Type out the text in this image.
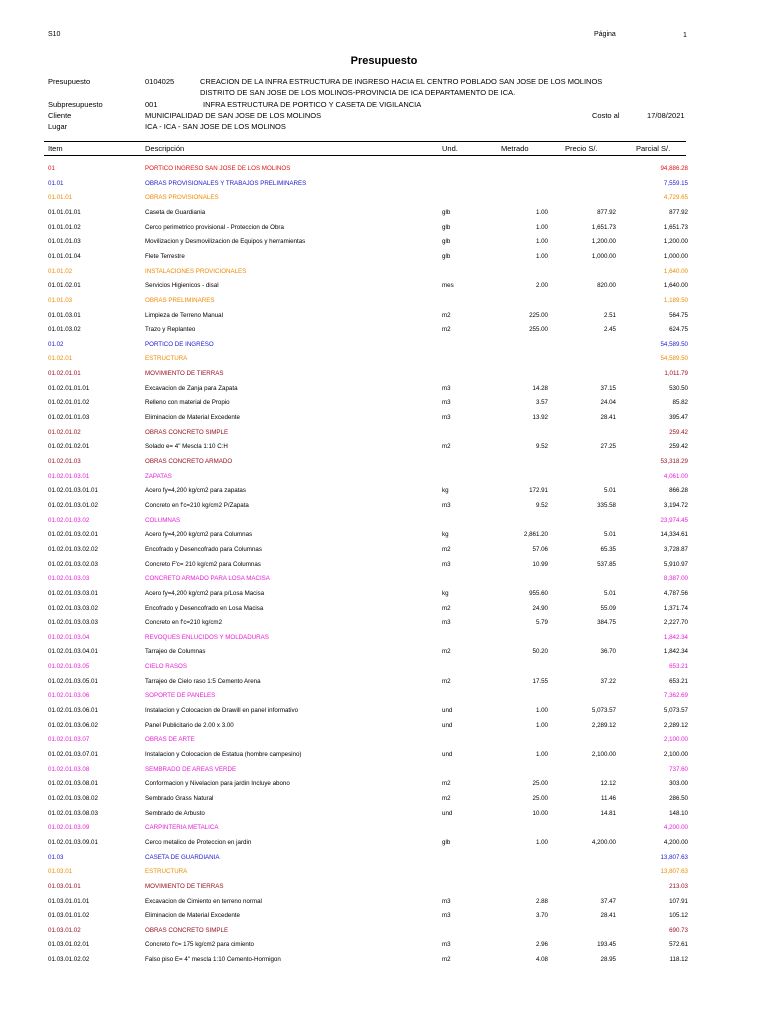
S10	Página	1
Presupuesto
Presupuesto	0104025	CREACION DE LA INFRA ESTRUCTURA DE INGRESO HACIA EL CENTRO POBLADO SAN JOSE DE LOS MOLINOS
DISTRITO DE SAN JOSE DE LOS MOLINOS-PROVINCIA DE ICA DEPARTAMENTO DE ICA.
Subpresupuesto	001	INFRA ESTRUCTURA DE PORTICO Y CASETA DE VIGILANCIA
Cliente	MUNICIPALIDAD DE SAN JOSE DE LOS MOLINOS	Costo al	17/08/2021
Lugar	ICA - ICA - SAN JOSE DE LOS MOLINOS
Item	Descripción	Und.	Metrado	Precio S/.	Parcial S/.
01	PORTICO INGRESO SAN JOSE DE LOS MOLINOS	94,886.28
01.01	OBRAS PROVISIONALES Y TRABAJOS PRELIMINARES	7,559.15
01.01.01	OBRAS PROVISIONALES	4,729.65
01.01.01.01	Caseta de Guardiania	glb	1.00	877.92	877.92
01.01.01.02	Cerco perimetrico provisional - Proteccion de Obra	glb	1.00	1,651.73	1,651.73
01.01.01.03	Movilizacion y Desmovilizacion de Equipos y herramientas	glb	1.00	1,200.00	1,200.00
01.01.01.04	Flete Terrestre	glb	1.00	1,000.00	1,000.00
01.01.02	INSTALACIONES PROVICIONALES	1,640.00
01.01.02.01	Servicios Higienicos - disal	mes	2.00	820.00	1,640.00
01.01.03	OBRAS PRELIMINARES	1,189.50
01.01.03.01	Limpieza de Terreno Manual	m2	225.00	2.51	564.75
01.01.03.02	Trazo y Replanteo	m2	255.00	2.45	624.75
01.02	PORTICO DE INGRESO	54,589.50
01.02.01	ESTRUCTURA	54,589.50
01.02.01.01	MOVIMIENTO DE TIERRAS	1,011.79
01.02.01.01.01	Excavacion de Zanja para Zapata	m3	14.28	37.15	530.50
01.02.01.01.02	Relleno con material de Propio	m3	3.57	24.04	85.82
01.02.01.01.03	Eliminacion de Material Excedente	m3	13.92	28.41	395.47
01.02.01.02	OBRAS CONCRETO SIMPLE	259.42
01.02.01.02.01	Solado e= 4" Mescla 1:10 C:H	m2	9.52	27.25	259.42
01.02.01.03	OBRAS CONCRETO ARMADO	53,318.29
01.02.01.03.01	ZAPATAS	4,061.00
01.02.01.03.01.01	Acero fy=4,200 kg/cm2 para zapatas	kg	172.91	5.01	866.28
01.02.01.03.01.02	Concreto en f'c=210 kg/cm2 P/Zapata	m3	9.52	335.58	3,194.72
01.02.01.03.02	COLUMNAS	23,974.45
01.02.01.03.02.01	Acero fy=4,200 kg/cm2 para Columnas	kg	2,861.20	5.01	14,334.61
01.02.01.03.02.02	Encofrado y Desencofrado para Columnas	m2	57.06	65.35	3,728.87
01.02.01.03.02.03	Concreto F'c= 210 kg/cm2 para Columnas	m3	10.99	537.85	5,910.97
01.02.01.03.03	CONCRETO ARMADO PARA LOSA MACISA	8,387.00
01.02.01.03.03.01	Acero fy=4,200 kg/cm2 para p/Losa Macisa	kg	955.60	5.01	4,787.56
01.02.01.03.03.02	Encofrado y Desencofrado en Losa Macisa	m2	24.90	55.09	1,371.74
01.02.01.03.03.03	Concreto en f'c=210 kg/cm2	m3	5.79	384.75	2,227.70
01.02.01.03.04	REVOQUES ENLUCIDOS Y MOLDADURAS	1,842.34
01.02.01.03.04.01	Tarrajeo de Columnas	m2	50.20	36.70	1,842.34
01.02.01.03.05	CIELO RASOS	653.21
01.02.01.03.05.01	Tarrajeo de Cielo raso 1:5 Cemento Arena	m2	17.55	37.22	653.21
01.02.01.03.06	SOPORTE DE PANELES	7,362.69
01.02.01.03.06.01	Instalacion y Colocacion de Drawill en panel informativo	und	1.00	5,073.57	5,073.57
01.02.01.03.06.02	Panel Publicitario de 2.00 x 3.00	und	1.00	2,289.12	2,289.12
01.02.01.03.07	OBRAS DE ARTE	2,100.00
01.02.01.03.07.01	Instalacion y Colocacion de Estatua (hombre campesino)	und	1.00	2,100.00	2,100.00
01.02.01.03.08	SEMBRADO DE AREAS VERDE	737.60
01.02.01.03.08.01	Conformacion y Nivelacion para jardin Incluye abono	m2	25.00	12.12	303.00
01.02.01.03.08.02	Sembrado Grass Natural	m2	25.00	11.46	286.50
01.02.01.03.08.03	Sembrado de Arbusto	und	10.00	14.81	148.10
01.02.01.03.09	CARPINTERIA METALICA	4,200.00
01.02.01.03.09.01	Cerco metalico de Proteccion en jardin	glb	1.00	4,200.00	4,200.00
01.03	CASETA DE GUARDIANIA	13,807.63
01.03.01	ESTRUCTURA	13,807.63
01.03.01.01	MOVIMIENTO DE TIERRAS	213.03
01.03.01.01.01	Excavacion de Cimiento en terreno normal	m3	2.88	37.47	107.91
01.03.01.01.02	Eliminacion de Material Excedente	m3	3.70	28.41	105.12
01.03.01.02	OBRAS CONCRETO SIMPLE	690.73
01.03.01.02.01	Concreto f'c= 175 kg/cm2 para cimiento	m3	2.96	193.45	572.61
01.03.01.02.02	Falso piso E= 4" mescla 1:10 Cemento-Hormigon	m2	4.08	28.95	118.12
